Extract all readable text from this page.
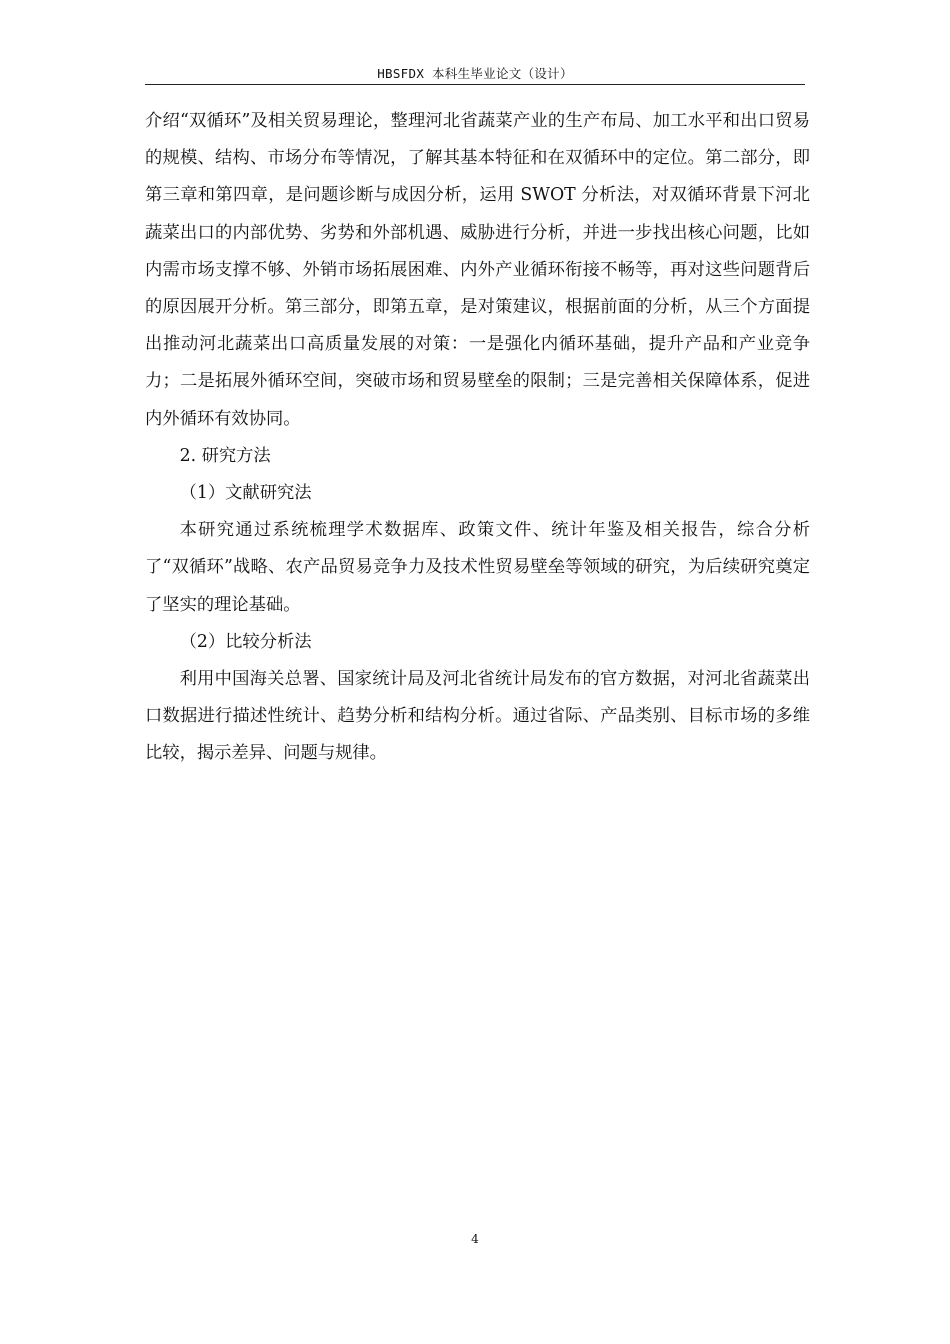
HBSFDX 本科生毕业论文（设计）

介绍“双循环”及相关贸易理论，整理河北省蔬菜产业的生产布局、加工水平和出口贸易的规模、结构、市场分布等情况，了解其基本特征和在双循环中的定位。第二部分，即第三章和第四章，是问题诊断与成因分析，运用 SWOT 分析法，对双循环背景下河北蔬菜出口的内部优势、劣势和外部机遇、威胁进行分析，并进一步找出核心问题，比如内需市场支撑不够、外销市场拓展困难、内外产业循环衔接不畅等，再对这些问题背后的原因展开分析。第三部分，即第五章，是对策建议，根据前面的分析，从三个方面提出推动河北蔬菜出口高质量发展的对策：一是强化内循环基础，提升产品和产业竞争力；二是拓展外循环空间，突破市场和贸易壁垒的限制；三是完善相关保障体系，促进内外循环有效协同。

2. 研究方法

（1）文献研究法

本研究通过系统梳理学术数据库、政策文件、统计年鉴及相关报告，综合分析了“双循环”战略、农产品贸易竞争力及技术性贸易壁垒等领域的研究，为后续研究奠定了坚实的理论基础。

（2）比较分析法

利用中国海关总署、国家统计局及河北省统计局发布的官方数据，对河北省蔬菜出口数据进行描述性统计、趋势分析和结构分析。通过省际、产品类别、目标市场的多维比较，揭示差异、问题与规律。

4
